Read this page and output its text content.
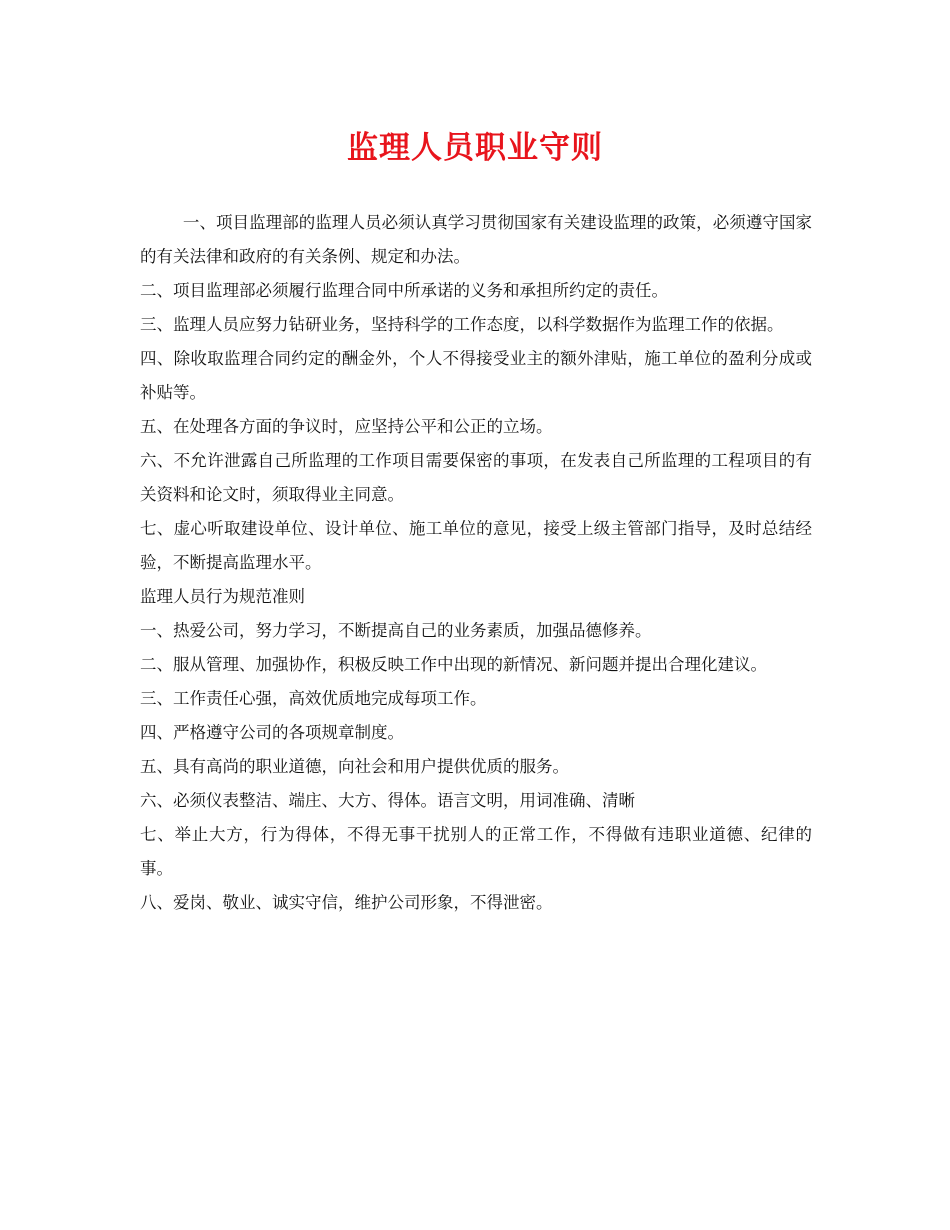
监理人员职业守则

一、项目监理部的监理人员必须认真学习贯彻国家有关建设监理的政策，必须遵守国家的有关法律和政府的有关条例、规定和办法。

二、项目监理部必须履行监理合同中所承诺的义务和承担所约定的责任。

三、监理人员应努力钻研业务，坚持科学的工作态度，以科学数据作为监理工作的依据。

四、除收取监理合同约定的酬金外，个人不得接受业主的额外津贴，施工单位的盈利分成或补贴等。

五、在处理各方面的争议时，应坚持公平和公正的立场。

六、不允许泄露自己所监理的工作项目需要保密的事项，在发表自己所监理的工程项目的有关资料和论文时，须取得业主同意。

七、虚心听取建设单位、设计单位、施工单位的意见，接受上级主管部门指导，及时总结经验，不断提高监理水平。

监理人员行为规范准则

一、热爱公司，努力学习，不断提高自己的业务素质，加强品德修养。

二、服从管理、加强协作，积极反映工作中出现的新情况、新问题并提出合理化建议。

三、工作责任心强，高效优质地完成每项工作。

四、严格遵守公司的各项规章制度。

五、具有高尚的职业道德，向社会和用户提供优质的服务。

六、必须仪表整洁、端庄、大方、得体。语言文明，用词准确、清晰

七、举止大方，行为得体，不得无事干扰别人的正常工作，不得做有违职业道德、纪律的事。

八、爱岗、敬业、诚实守信，维护公司形象，不得泄密。
